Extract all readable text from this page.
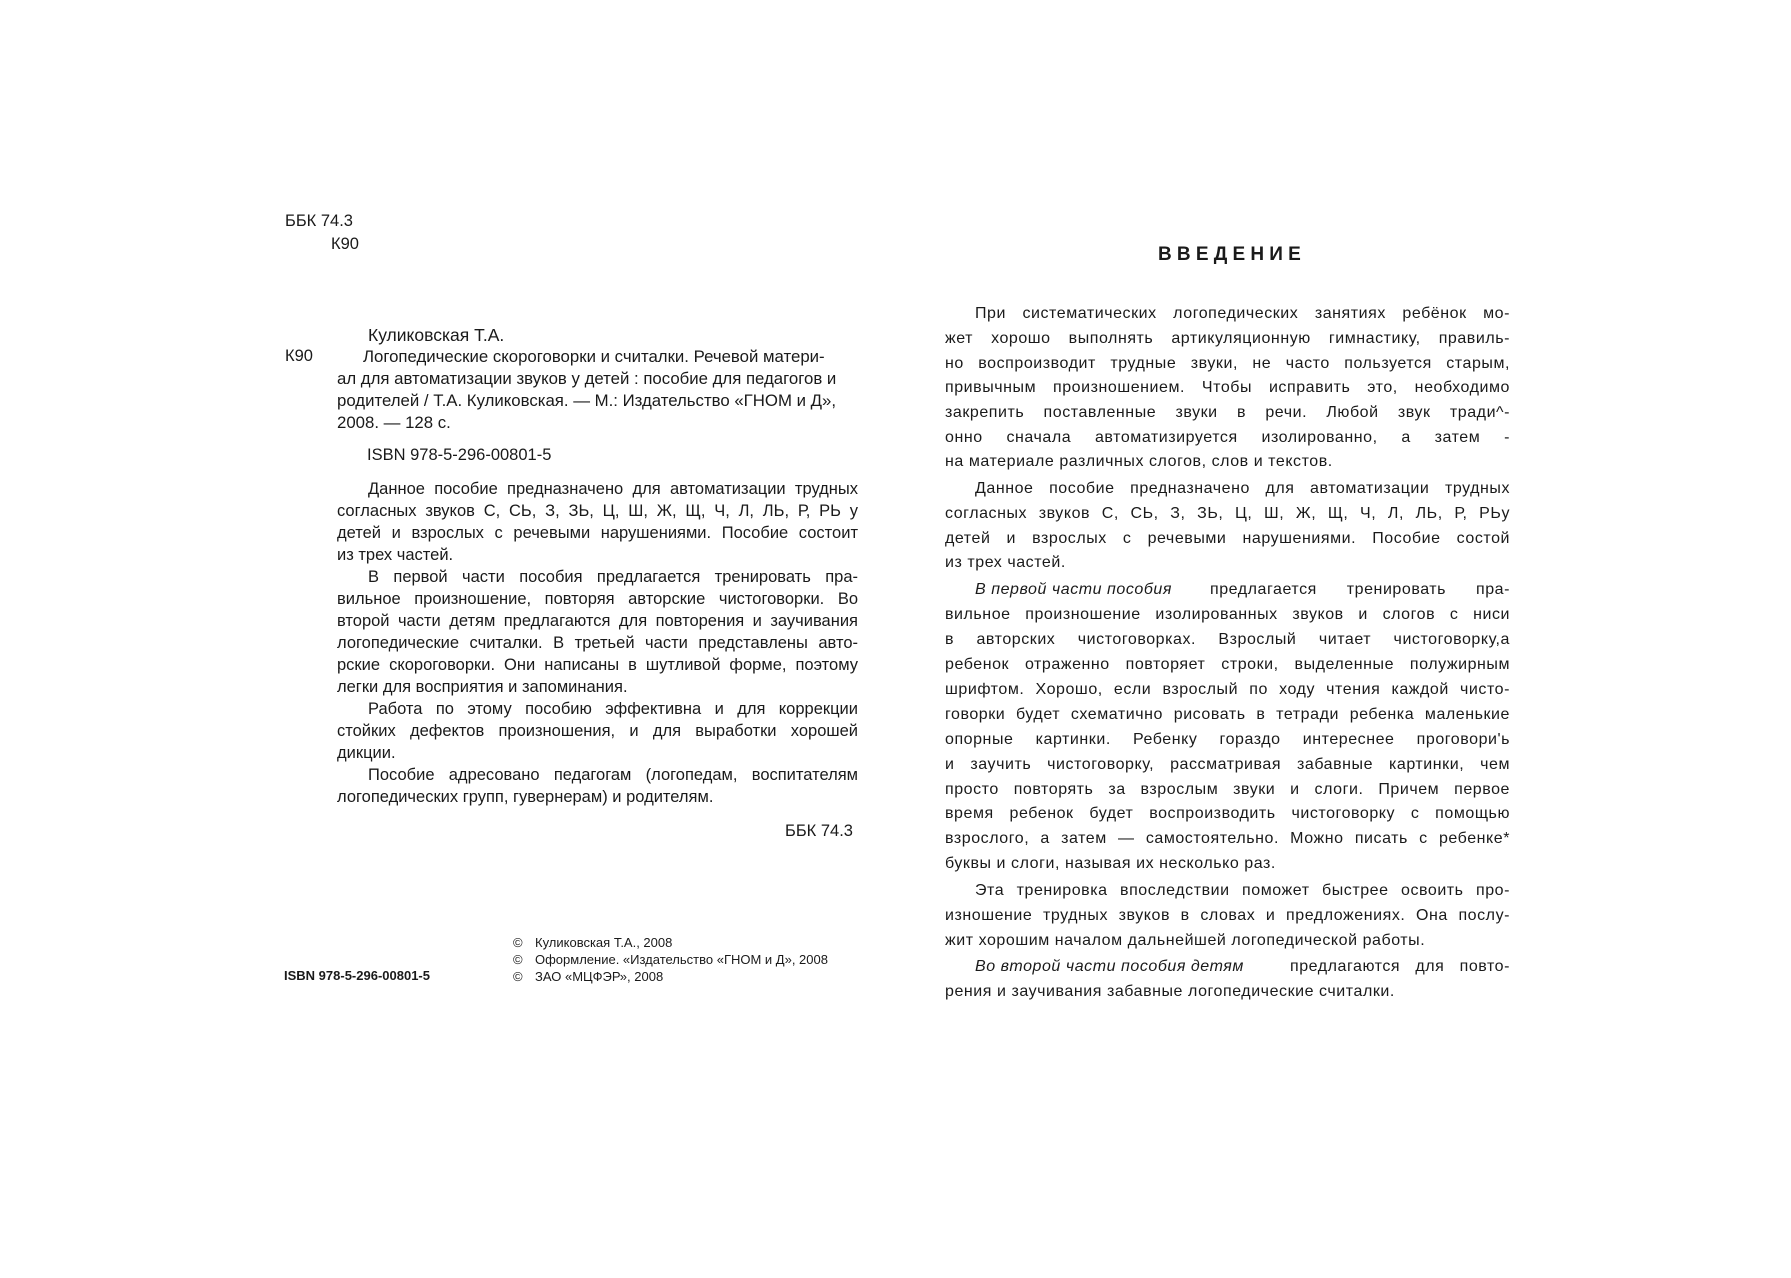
ББК 74.3
К90
Куликовская Т.А.
К90	Логопедические скороговорки и считалки. Речевой матери-
ал для автоматизации звуков у детей : пособие для педагогов и
родителей / Т.А. Куликовская. — М.: Издательство «ГНОМ и Д»,
2008. — 128 с.
ISBN 978-5-296-00801-5
Данное пособие предназначено для автоматизации трудных
согласных звуков С, СЬ, З, ЗЬ, Ц, Ш, Ж, Щ, Ч, Л, ЛЬ, Р, РЬ у
детей и взрослых с речевыми нарушениями. Пособие состоит
из трех частей.
В первой части пособия предлагается тренировать пра-
вильное произношение, повторяя авторские чистоговорки. Во
второй части детям предлагаются для повторения и заучивания
логопедические считалки. В третьей части представлены авто-
рские скороговорки. Они написаны в шутливой форме, поэтому
легки для восприятия и запоминания.
Работа по этому пособию эффективна и для коррекции
стойких дефектов произношения, и для выработки хорошей
дикции.
Пособие адресовано педагогам (логопедам, воспитателям
логопедических групп, гувернерам) и родителям.
ББК 74.3
ISBN 978-5-296-00801-5
© Куликовская Т.А., 2008
© Оформление. «Издательство «ГНОМ и Д», 2008
© ЗАО «МЦФЭР», 2008
ВВЕДЕНИЕ
При систематических логопедических занятиях ребёнок мо-
жет хорошо выполнять артикуляционную гимнастику, правиль-
но воспроизводит трудные звуки, не часто пользуется старым,
привычным произношением. Чтобы исправить это, необходимо
закрепить поставленные звуки в речи. Любой звук тради^-
онно сначала автоматизируется изолированно, а затем -
на материале различных слогов, слов и текстов.
Данное пособие предназначено для автоматизации трудных
согласных звуков С, СЬ, З, ЗЬ, Ц, Ш, Ж, Щ, Ч, Л, ЛЬ, Р, РЬу
детей и взрослых с речевыми нарушениями. Пособие состой
из трех частей.
В первой части пособия предлагается тренировать пра-
вильное произношение изолированных звуков и слогов с ниси
в авторских чистоговорках. Взрослый читает чистоговорку,а
ребенок отраженно повторяет строки, выделенные полужирным
шрифтом. Хорошо, если взрослый по ходу чтения каждой чисто-
говорки будет схематично рисовать в тетради ребенка маленькие
опорные картинки. Ребенку гораздо интереснее проговори'ь
и заучить чистоговорку, рассматривая забавные картинки, чем
просто повторять за взрослым звуки и слоги. Причем первое
время ребенок будет воспроизводить чистоговорку с помощью
взрослого, а затем — самостоятельно. Можно писать с ребенке*
буквы и слоги, называя их несколько раз.
Эта тренировка впоследствии поможет быстрее освоить про-
изношение трудных звуков в словах и предложениях. Она послу-
жит хорошим началом дальнейшей логопедической работы.
Во второй части пособия детям	предлагаются для повто-
рения и заучивания забавные логопедические считалки.
